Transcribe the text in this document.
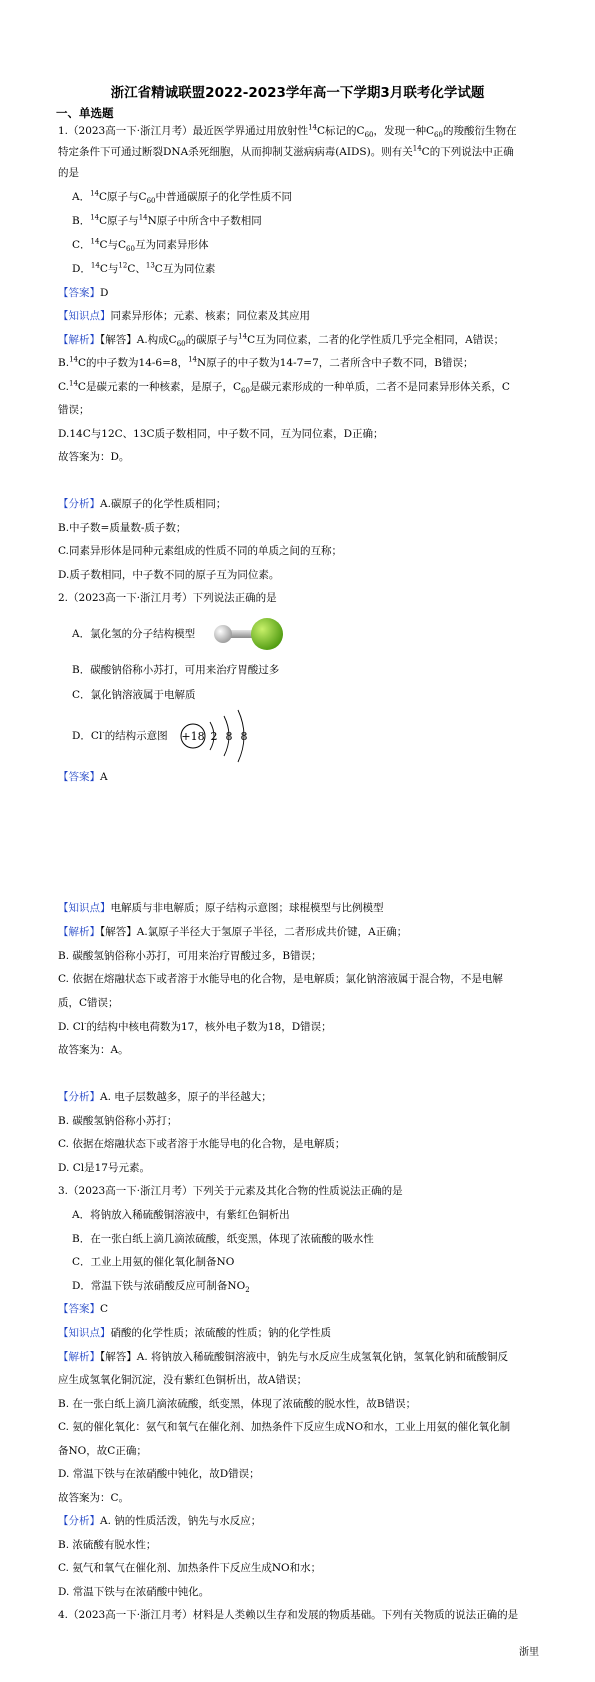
浙江省精诚联盟2022-2023学年高一下学期3月联考化学试题
一、单选题
1.（2023高一下·浙江月考）最近医学界通过用放射性$^{14}$C标记的$C_{60}$，发现一种$C_{60}$的羧酸衍生物在
特定条件下可通过断裂DNA杀死细胞，从而抑制艾滋病病毒(AIDS)。则有关$^{14}$C的下列说法中正确
的是
A．$^{14}$C原子与$C_{60}$中普通碳原子的化学性质不同
B．$^{14}$C原子与$^{14}$N原子中所含中子数相同
C．$^{14}$C与$C_{60}$互为同素异形体
D．$^{14}$C与$^{12}$C、$^{13}$C互为同位素
【答案】D
【知识点】同素异形体；元素、核素；同位素及其应用
【解析】【解答】A.构成$C_{60}$的碳原子与$^{14}$C互为同位素，二者的化学性质几乎完全相同，A错误；
B.$^{14}$C的中子数为14-6=8，$^{14}$N原子的中子数为14-7=7，二者所含中子数不同，B错误；
C.$^{14}$C是碳元素的一种核素，是原子，$C_{60}$是碳元素形成的一种单质，二者不是同素异形体关系，C
错误；
D.14C与12C、13C质子数相同，中子数不同，互为同位素，D正确；
故答案为：D。
【分析】A.碳原子的化学性质相同；
B.中子数=质量数-质子数；
C.同素异形体是同种元素组成的性质不同的单质之间的互称；
D.质子数相同，中子数不同的原子互为同位素。
2.（2023高一下·浙江月考）下列说法正确的是
A．氯化氢的分子结构模型
B．碳酸钠俗称小苏打，可用来治疗胃酸过多
C．氯化钠溶液属于电解质
D．Cl-的结构示意图 +18 2 8 8
【答案】A
【知识点】电解质与非电解质；原子结构示意图；球棍模型与比例模型
【解析】【解答】A.氯原子半径大于氢原子半径，二者形成共价键，A正确；
B. 碳酸氢钠俗称小苏打，可用来治疗胃酸过多，B错误；
C. 依据在熔融状态下或者溶于水能导电的化合物，是电解质；氯化钠溶液属于混合物，不是电解
质，C错误；
D. Cl-的结构中核电荷数为17，核外电子数为18，D错误；
故答案为：A。
【分析】A. 电子层数越多，原子的半径越大；
B. 碳酸氢钠俗称小苏打；
C. 依据在熔融状态下或者溶于水能导电的化合物，是电解质；
D. Cl是17号元素。
3.（2023高一下·浙江月考）下列关于元素及其化合物的性质说法正确的是
A．将钠放入稀硫酸铜溶液中，有紫红色铜析出
B．在一张白纸上滴几滴浓硫酸，纸变黑，体现了浓硫酸的吸水性
C．工业上用氨的催化氧化制备NO
D．常温下铁与浓硝酸反应可制备$NO_2$
【答案】C
【知识点】硝酸的化学性质；浓硫酸的性质；钠的化学性质
【解析】【解答】A. 将钠放入稀硫酸铜溶液中，钠先与水反应生成氢氧化钠，氢氧化钠和硫酸铜反
应生成氢氧化铜沉淀，没有紫红色铜析出，故A错误；
B. 在一张白纸上滴几滴浓硫酸，纸变黑，体现了浓硫酸的脱水性，故B错误；
C. 氨的催化氧化：氨气和氧气在催化剂、加热条件下反应生成NO和水，工业上用氨的催化氧化制
备NO，故C正确；
D. 常温下铁与在浓硝酸中钝化，故D错误；
故答案为：C。
【分析】A. 钠的性质活泼，钠先与水反应；
B. 浓硫酸有脱水性；
C. 氨气和氧气在催化剂、加热条件下反应生成NO和水；
D. 常温下铁与在浓硝酸中钝化。
4.（2023高一下·浙江月考）材料是人类赖以生存和发展的物质基础。下列有关物质的说法正确的是
浙里
